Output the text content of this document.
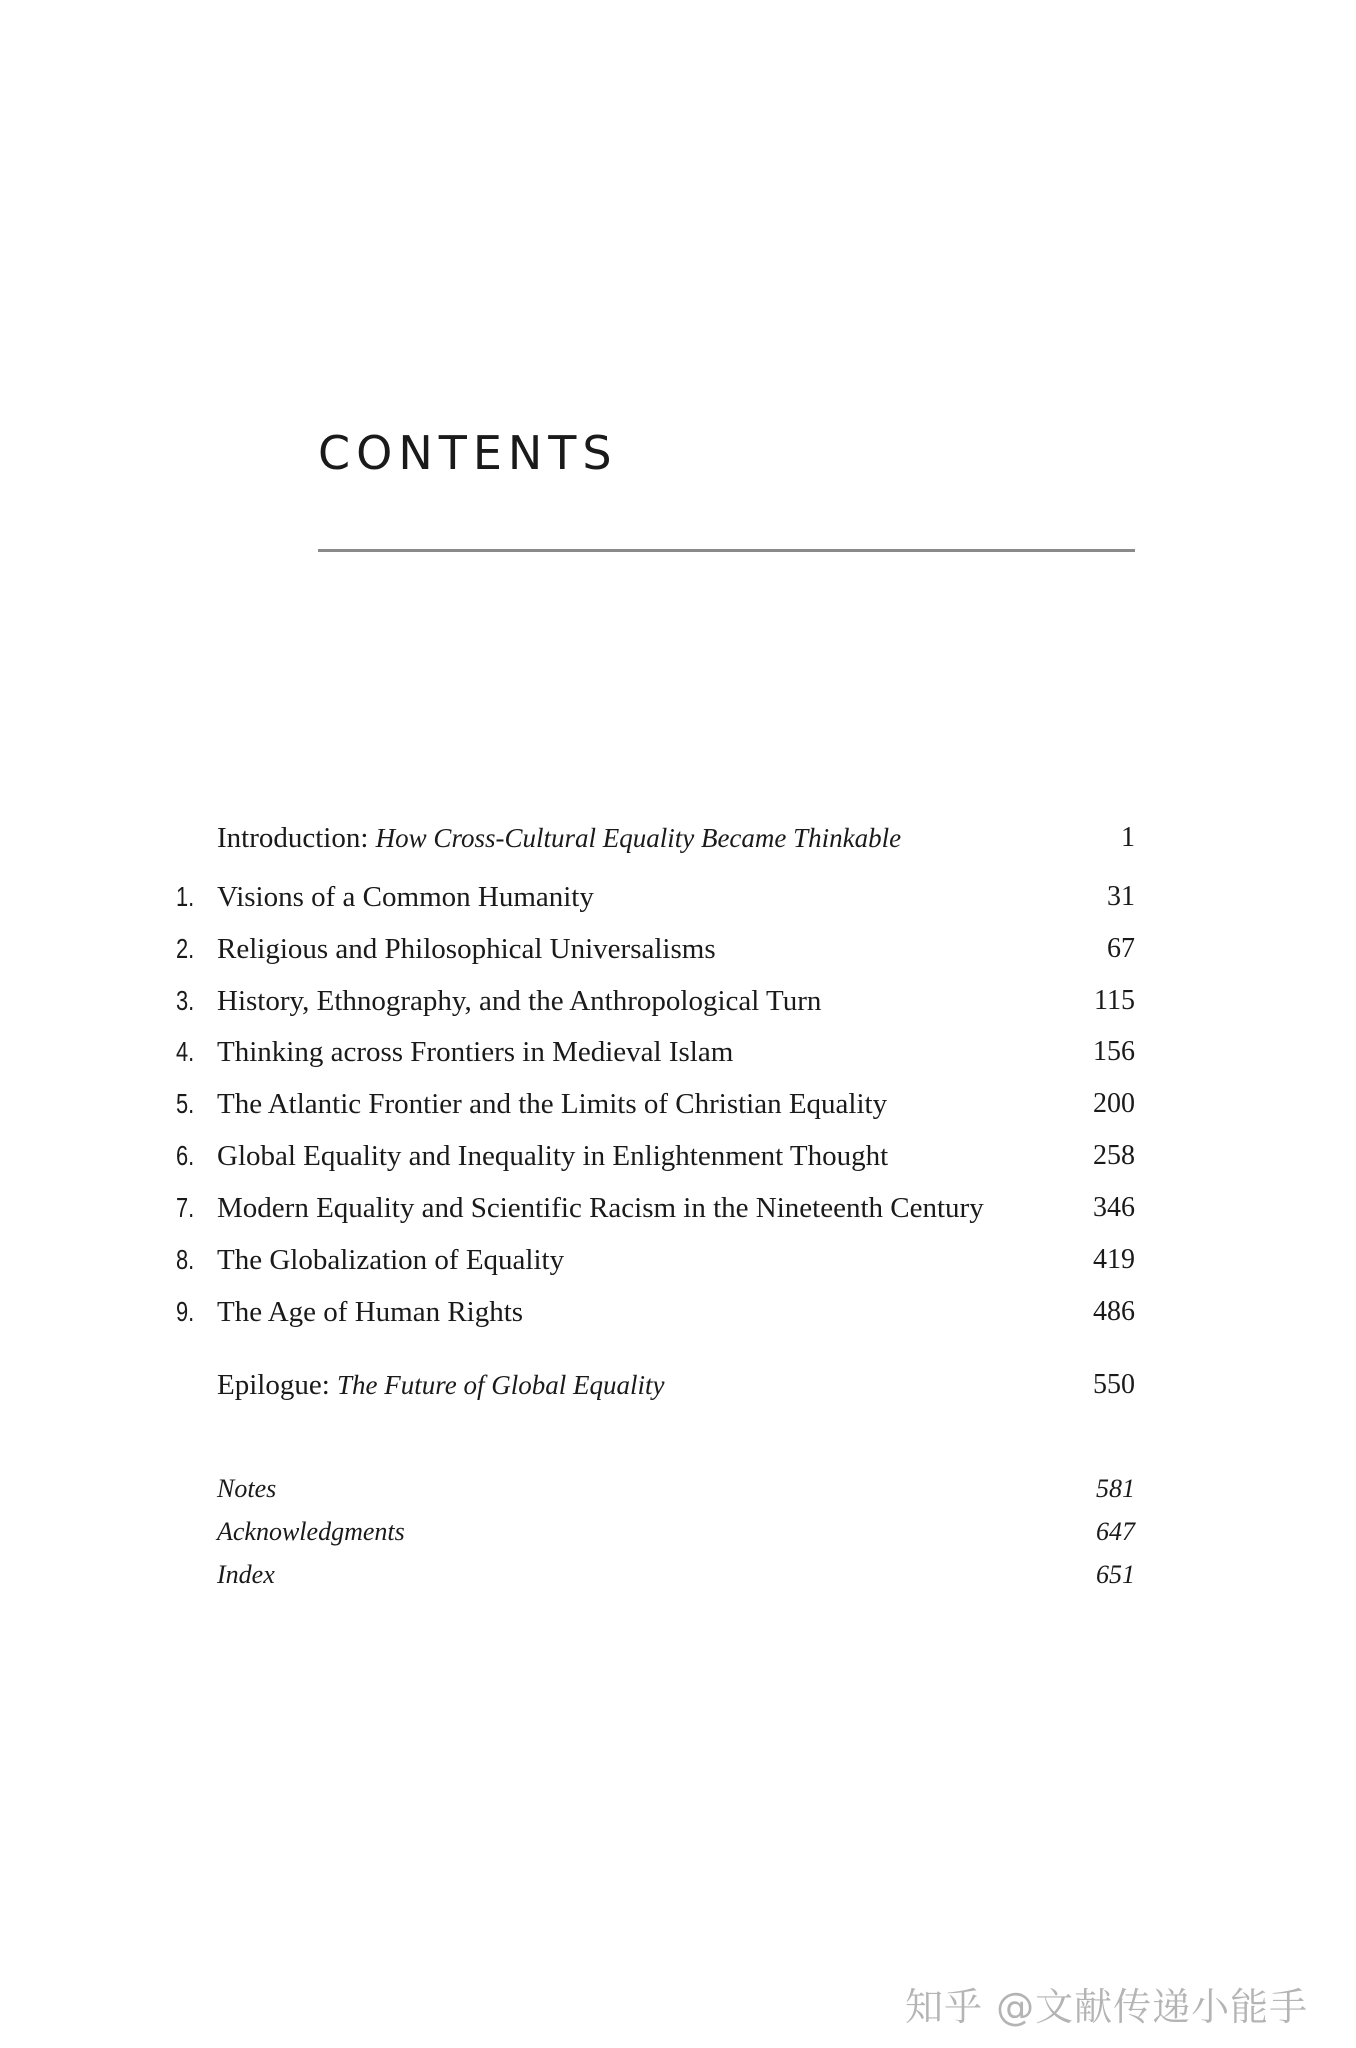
CONTENTS
Introduction: How Cross-Cultural Equality Became Thinkable	1
1. Visions of a Common Humanity	31
2. Religious and Philosophical Universalisms	67
3. History, Ethnography, and the Anthropological Turn	115
4. Thinking across Frontiers in Medieval Islam	156
5. The Atlantic Frontier and the Limits of Christian Equality	200
6. Global Equality and Inequality in Enlightenment Thought	258
7. Modern Equality and Scientific Racism in the Nineteenth Century	346
8. The Globalization of Equality	419
9. The Age of Human Rights	486
Epilogue: The Future of Global Equality	550
Notes	581
Acknowledgments	647
Index	651
知乎 @文献传递小能手
